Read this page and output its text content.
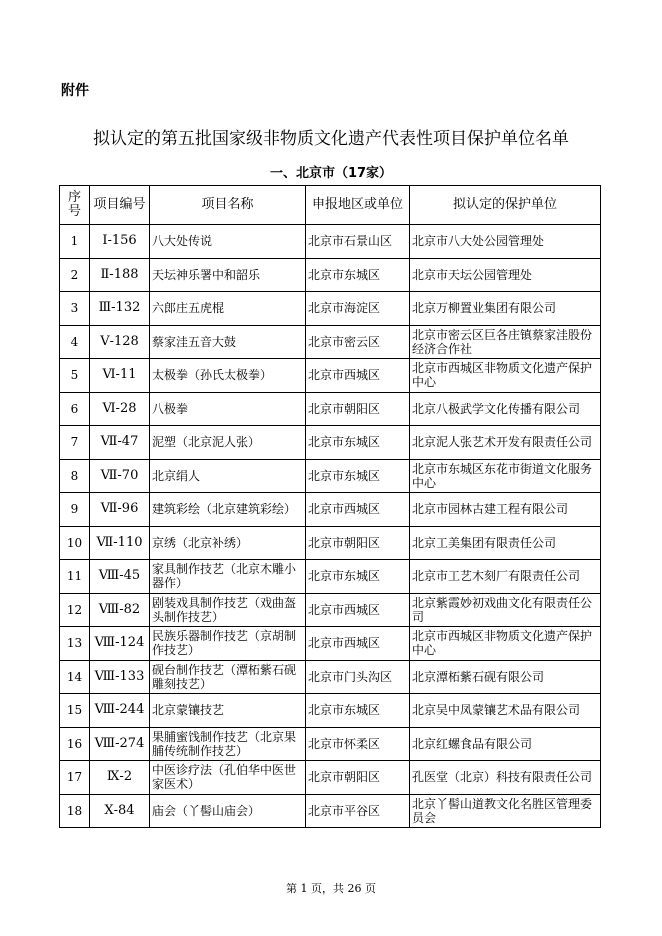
附件
拟认定的第五批国家级非物质文化遗产代表性项目保护单位名单
一、北京市（17家）
序号	项目编号	项目名称	申报地区或单位	拟认定的保护单位
1	Ⅰ-156	八大处传说	北京市石景山区	北京市八大处公园管理处
2	Ⅱ-188	天坛神乐署中和韶乐	北京市东城区	北京市天坛公园管理处
3	Ⅲ-132	六郎庄五虎棍	北京市海淀区	北京万柳置业集团有限公司
4	Ⅴ-128	蔡家洼五音大鼓	北京市密云区	北京市密云区巨各庄镇蔡家洼股份经济合作社
5	Ⅵ-11	太极拳（孙氏太极拳）	北京市西城区	北京市西城区非物质文化遗产保护中心
6	Ⅵ-28	八极拳	北京市朝阳区	北京八极武学文化传播有限公司
7	Ⅶ-47	泥塑（北京泥人张）	北京市东城区	北京泥人张艺术开发有限责任公司
8	Ⅶ-70	北京绢人	北京市东城区	北京市东城区东花市街道文化服务中心
9	Ⅶ-96	建筑彩绘（北京建筑彩绘）	北京市西城区	北京市园林古建工程有限公司
10	Ⅶ-110	京绣（北京补绣）	北京市朝阳区	北京工美集团有限责任公司
11	Ⅷ-45	家具制作技艺（北京木雕小器作）	北京市东城区	北京市工艺木刻厂有限责任公司
12	Ⅷ-82	剧装戏具制作技艺（戏曲盔头制作技艺）	北京市西城区	北京紫霞妙初戏曲文化有限责任公司
13	Ⅷ-124	民族乐器制作技艺（京胡制作技艺）	北京市西城区	北京市西城区非物质文化遗产保护中心
14	Ⅷ-133	砚台制作技艺（潭柘紫石砚雕刻技艺）	北京市门头沟区	北京潭柘紫石砚有限公司
15	Ⅷ-244	北京蒙镶技艺	北京市东城区	北京吴中凤蒙镶艺术品有限公司
16	Ⅷ-274	果脯蜜饯制作技艺（北京果脯传统制作技艺）	北京市怀柔区	北京红螺食品有限公司
17	Ⅸ-2	中医诊疗法（孔伯华中医世家医术）	北京市朝阳区	孔医堂（北京）科技有限责任公司
18	Ⅹ-84	庙会（丫髻山庙会）	北京市平谷区	北京丫髻山道教文化名胜区管理委员会
第 1 页，共 26 页
